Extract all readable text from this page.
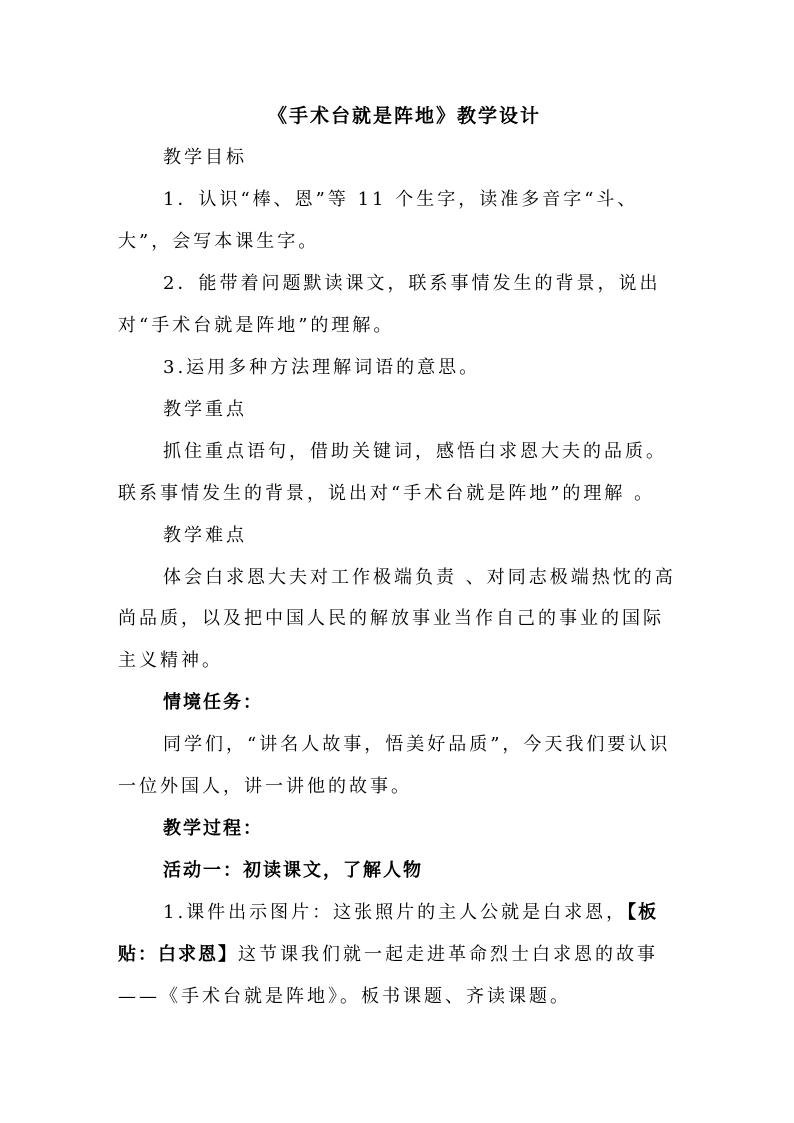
《手术台就是阵地》教学设计
教学目标
1．认识“棒、恩”等 11 个生字，读准多音字“斗、
大”，会写本课生字。
2．能带着问题默读课文，联系事情发生的背景，说出
对“手术台就是阵地”的理解。
3.运用多种方法理解词语的意思。
教学重点
抓住重点语句，借助关键词，感悟白求恩大夫的品质。
联系事情发生的背景，说出对“手术台就是阵地”的理解 。
教学难点
体会白求恩大夫对工作极端负责 、对同志极端热忱的高
尚品质，以及把中国人民的解放事业当作自己的事业的国际
主义精神。
情境任务：
同学们，“讲名人故事，悟美好品质”，今天我们要认识
一位外国人，讲一讲他的故事。
教学过程：
活动一：初读课文，了解人物
1.课件出示图片：这张照片的主人公就是白求恩，【板
贴：白求恩】这节课我们就一起走进革命烈士白求恩的故事
——《手术台就是阵地》。板书课题、齐读课题。
